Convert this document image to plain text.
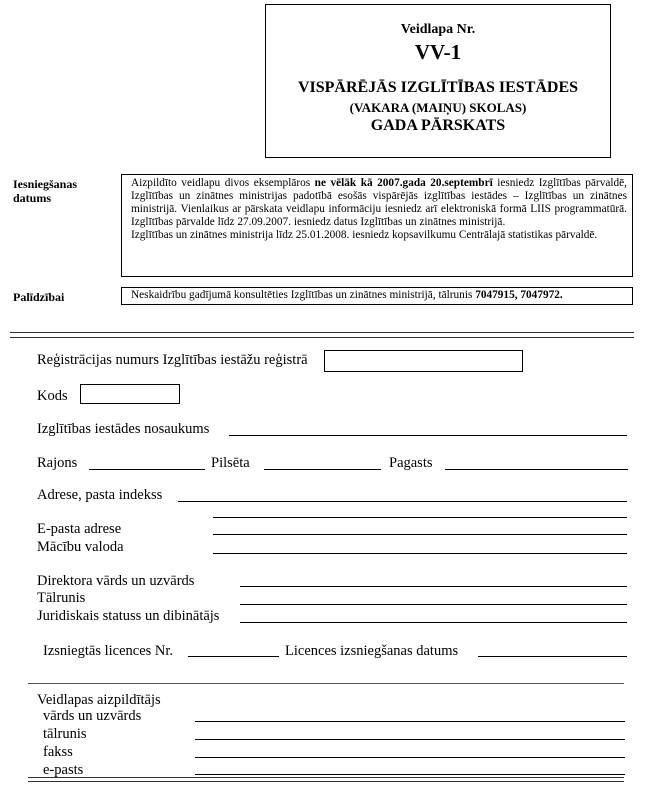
Veidlapa Nr.
VV-1
VISPĀRĒJĀS IZGLĪTĪBAS IESTĀDES
(VAKARA (MAIŅU) SKOLAS)
GADA PĀRSKATS
Iesniegšanas
datums
Aizpildīto veidlapu divos eksemplāros ne vēlāk kā 2007.gada 20.septembrī iesniedz Izglītības pārvaldē, Izglītības un zinātnes ministrijas padotībā esošās vispārējās izglītības iestādes – Izglītības un zinātnes ministrijā. Vienlaikus ar pārskata veidlapu informāciju iesniedz arī elektroniskā formā LIIS programmatūrā. Izglītības pārvalde līdz 27.09.2007. iesniedz datus Izglītības un zinātnes ministrijā.
Izglītības un zinātnes ministrija līdz 25.01.2008. iesniedz kopsavilkumu Centrālajā statistikas pārvaldē.
Palīdzībai	Neskaidrību gadījumā konsultēties Izglītības un zinātnes ministrijā, tālrunis 7047915, 7047972.
Reģistrācijas numurs Izglītības iestāžu reģistrā
Kods
Izglītības iestādes nosaukums
Rajons	Pilsēta	Pagasts
Adrese, pasta indekss
E-pasta adrese
Mācību valoda
Direktora vārds un uzvārds
Tālrunis
Juridiskais statuss un dibinātājs
Izsniegtās licences Nr.	Licences izsniegšanas datums
Veidlapas aizpildītājs
vārds un uzvārds
tālrunis
fakss
e-pasts
